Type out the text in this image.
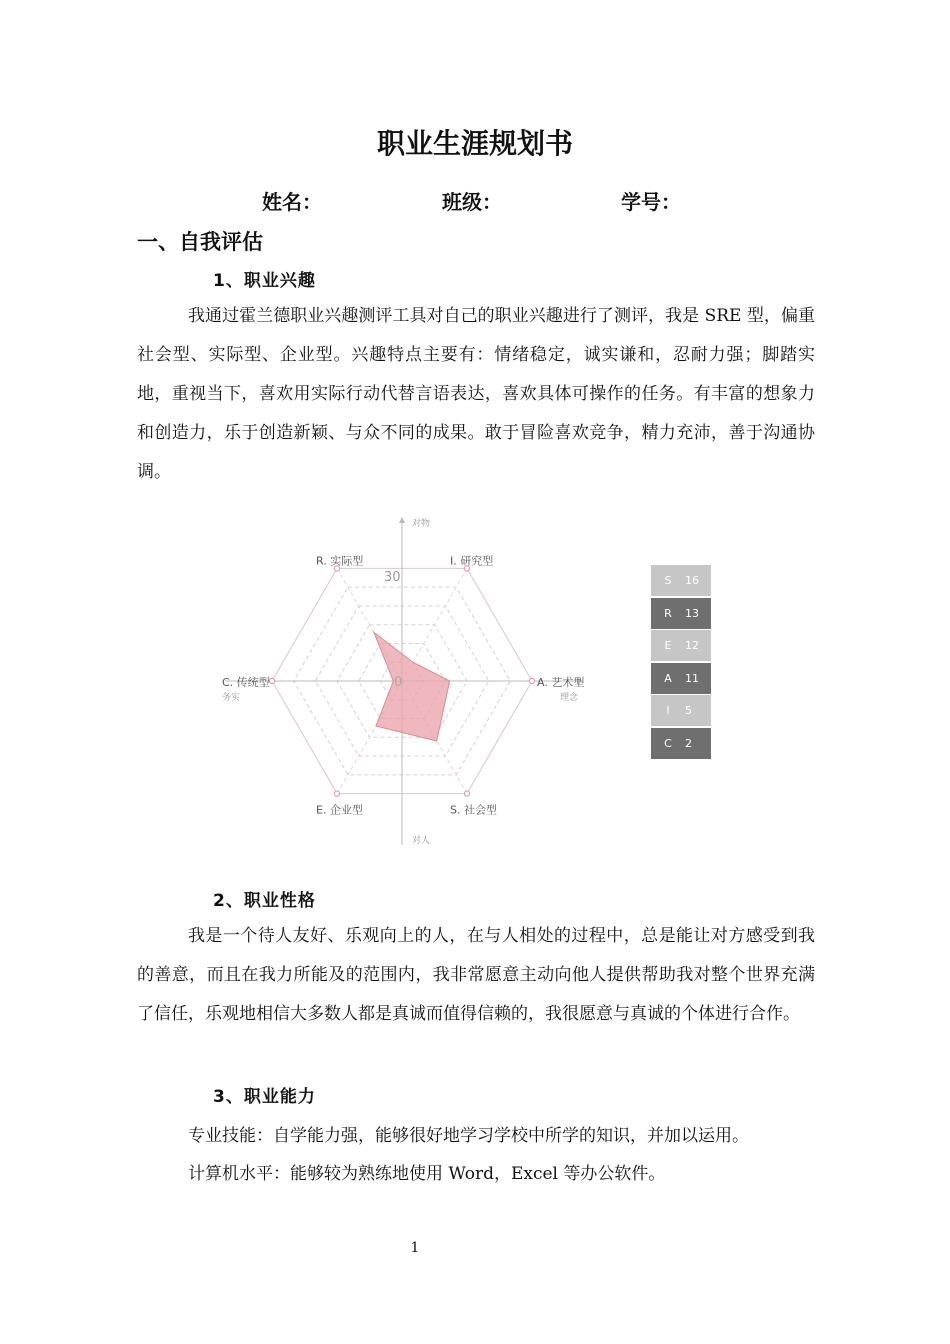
职业生涯规划书
姓名：	班级：	学号：
一、自我评估
1、职业兴趣

我通过霍兰德职业兴趣测评工具对自己的职业兴趣进行了测评，我是 SRE 型，偏重社会型、实际型、企业型。兴趣特点主要有：情绪稳定，诚实谦和，忍耐力强；脚踏实地，重视当下，喜欢用实际行动代替言语表达，喜欢具体可操作的任务。有丰富的想象力和创造力，乐于创造新颖、与众不同的成果。敢于冒险喜欢竞争，精力充沛，善于沟通协调。

R. 实际型	I. 研究型
A. 艺术型
S. 社会型
E. 企业型
C. 传统型
30
0
对物
对人
务实	理念
S	16
R	13
E	12
A	11
I	5
C	2
2、职业性格

我是一个待人友好、乐观向上的人，在与人相处的过程中，总是能让对方感受到我的善意，而且在我力所能及的范围内，我非常愿意主动向他人提供帮助我对整个世界充满了信任，乐观地相信大多数人都是真诚而值得信赖的，我很愿意与真诚的个体进行合作。

3、职业能力
专业技能：自学能力强，能够很好地学习学校中所学的知识，并加以运用。
计算机水平：能够较为熟练地使用 Word，Excel 等办公软件。
1
